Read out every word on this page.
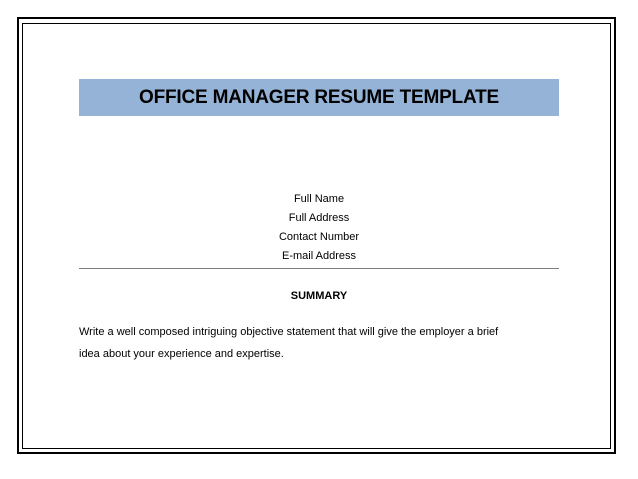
OFFICE MANAGER RESUME TEMPLATE
Full Name
Full Address
Contact Number
E-mail Address
SUMMARY
Write a well composed intriguing objective statement that will give the employer a brief
idea about your experience and expertise.
